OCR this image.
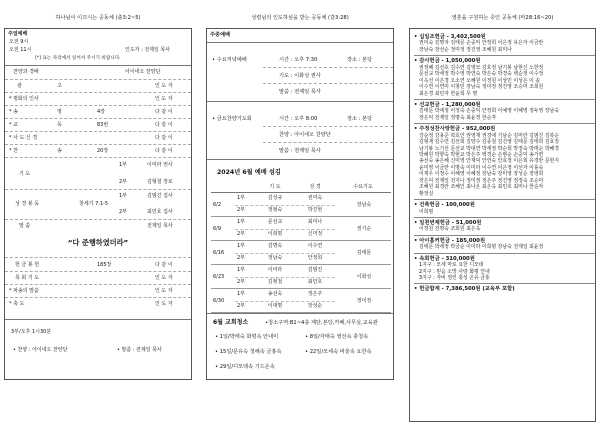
하나님이 이끄시는 공동체 (출3:2~5)
주일예배
오전 9시
오전 11시	인도자 : 전제일 목사
[*] 표는 자리에서 일어서 주시기 바랍니다.
찬양과 경배	아이네오 찬양단
광	고	인 도 자
* 평화의 인사	인 도 자
* 송	영	4장	다 같 이
* 교	독	83번	다 같 이
* 사 도 신 경	다 같 이
* 찬	송	20장	다 같 이
기 도
1부	이미라 권사
2부	김형철 장로
성 경 봉 독	창세기 7:1-5
1부	김범진 집사
2부	최민호 집사
말 씀	전제일 목사
“다 준행하였더라”
헌 금 봉 헌	185장	다 같 이
목 회 기 도	인 도 자
* 파송의 말씀	인 도 자
* 축 도	인 도 자
3부/오후 1시30분
• 찬양 : 아이네오 찬양단	• 말씀 : 전제일 목사
성령님의 인도하심을 받는 공동체 (갈3:28)
주중예배
• 수요저녁예배	시간 : 오후 7:30	장소 : 본당
기도 : 이화성 권사
말씀 : 전제일 목사
• 금요찬양기도회	시간 : 오후 8:00	장소 : 본당
찬양 : 아이네오 찬양단
말씀 : 전제일 목사
2024년 6월 예배 섬김
		기 도	성 경	수요기도
6/2
1부	김성규	권미숙
2부	정형숙	박진현
장남숙
6/9
1부	문선교	최미나
2부	이희평	신미정
권기순
6/16
1부	김명숙	이수연
2부	정남숙	안정희
김태문
6/23
1부	이미라	김범진
2부	김형철	최민호
이화성
6/30
1부	송선숙	정은주
2부	이대명	장성순
정미정
6월 교회청소	•청소구역:B1~4층 계단,본당,카페,사무실,교육관
• 1일/박태숙 화평속 안내미	• 8일/자태숙 영선속 충청속
• 15일/문유숙 청해속 금홍속	• 22일/모세숙 바울속 요한속
• 29일/디모데속 기드온속
영혼을 구원하는 증인 공동체 (마28:16~20)
• 십일조헌금 - 3,402,500원
권미숙 김명자 김태문 손중익 안정희 이은정 유은자 이금란
장남숙 장선순 정미정 정진영 조혜원 최미나
• 감사헌금 - 1,050,000원
권정혜 김선호 김수연 김영모 김호정 남기봉 남현신 노한정
문선교 박세정 박수영 박연숙 박은숙 박경숙 백순정 이수정
이옥선 이은경 오소연 오혜원 이정원 이상민 이성은 이 솔
이수연 이연미 이창민 장남숙 정미정 정진영 조승미 조희원
최은경 최민자 한윤희 무 명
• 선교헌금 - 1,280,000원
김태문 박세정 이정숙 손중익 안정희 이예영 이혜영 정두영 장남숙
장은덕 전제일 정명숙 최윤정 한순자
• 주정성찬사랑헌금 - 952,000원
강순정 강용준 곽호인 권영재 권경애 기남순 김미란 김범진 김복순
김형재 김수연 김선희 김양수 김종철 김진영 김태문 김태희 김효정
남기봉 노기선 문선교 박대연 박세정 박순희 박정숙 박태순 박혜경
박혜원 박향숙 박현교 박은주 백경순 손병순 손중익 송기련
송선숙 송은혜 신미영 안재덕 안연숙 안효정 이은희 유경란 문현지
윤미영 이금란 이명숙 이미라 이수연 이은정 이선자 이용숙
이재우 이정수 이혜영 이혜정 장남숙 장미영 장성순 장영희
장은덕 전제일 전지나 정미정 정은주 정진영 정정숙 조승미
조혜원 최경란 조혜인 최나은 최은옥 최민호 최미나 한순자
황정실
• 건축헌금 - 100,000원
이희평
• 일천번제헌금 - 51,000원
이정원 전명숙 조희원 최은옥
• 아이홈커헌금 - 185,000원
김태문 박세정 박금순 이미라 이희평 장남숙 전제일 최윤정
• 속회헌금 - 310,000원
1지구 : 모세 마로 요한 디모데
2지구 : 믿음 소망 사랑 화평 안내
3지구 : 자비 열린 충성 온유 금홍
• 헌금합계 - 7,386,500원 (교육부 포함)
